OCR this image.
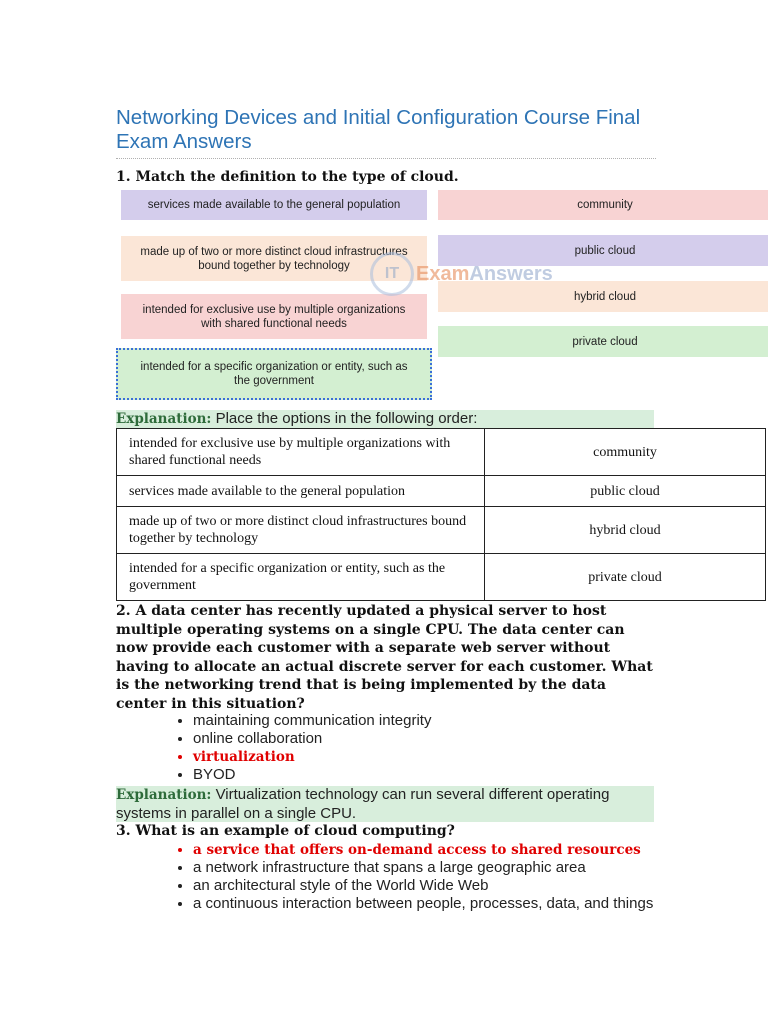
Networking Devices and Initial Configuration Course Final Exam Answers
1. Match the definition to the type of cloud.
services made available to the general population
made up of two or more distinct cloud infrastructures bound together by technology
intended for exclusive use by multiple organizations with shared functional needs
intended for a specific organization or entity, such as the government
community
public cloud
hybrid cloud
private cloud
IT ExamAnswers
Explanation: Place the options in the following order:
intended for exclusive use by multiple organizations with shared functional needs	community
services made available to the general population	public cloud
made up of two or more distinct cloud infrastructures bound together by technology	hybrid cloud
intended for a specific organization or entity, such as the government	private cloud
2. A data center has recently updated a physical server to host multiple operating systems on a single CPU. The data center can now provide each customer with a separate web server without having to allocate an actual discrete server for each customer. What is the networking trend that is being implemented by the data center in this situation?
• maintaining communication integrity
• online collaboration
• virtualization
• BYOD
Explanation: Virtualization technology can run several different operating systems in parallel on a single CPU.
3. What is an example of cloud computing?
• a service that offers on-demand access to shared resources
• a network infrastructure that spans a large geographic area
• an architectural style of the World Wide Web
• a continuous interaction between people, processes, data, and things
